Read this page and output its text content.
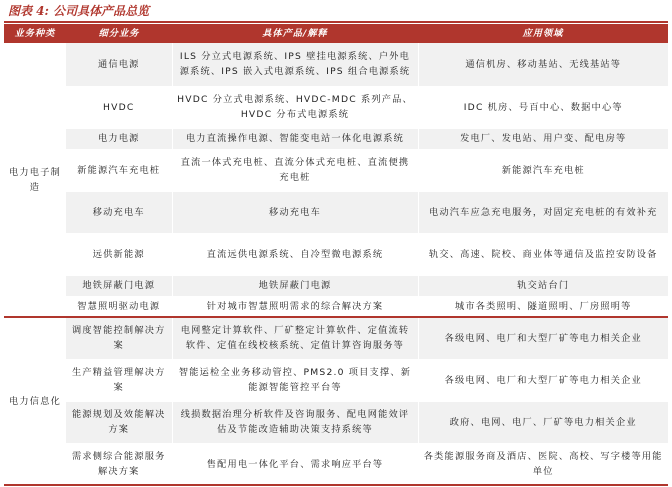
图表 4: 公司具体产品总览
业务种类	细分业务	具体产品/解释	应用领域
电力电子制造	通信电源	ILS 分立式电源系统、IPS 壁挂电源系统、户外电源系统、IPS 嵌入式电源系统、IPS 组合电源系统	通信机房、移动基站、无线基站等
	HVDC	HVDC 分立式电源系统、HVDC-MDC 系列产品、HVDC 分布式电源系统	IDC 机房、号百中心、数据中心等
	电力电源	电力直流操作电源、智能变电站一体化电源系统	发电厂、发电站、用户变、配电房等
	新能源汽车充电桩	直流一体式充电桩、直流分体式充电桩、直流便携充电桩	新能源汽车充电桩
	移动充电车	移动充电车	电动汽车应急充电服务，对固定充电桩的有效补充
	远供新能源	直流远供电源系统、自冷型微电源系统	轨交、高速、院校、商业体等通信及监控安防设备
	地铁屏蔽门电源	地铁屏蔽门电源	轨交站台门
	智慧照明驱动电源	针对城市智慧照明需求的综合解决方案	城市各类照明、隧道照明、厂房照明等
电力信息化	调度智能控制解决方案	电网整定计算软件、厂矿整定计算软件、定值流转软件、定值在线校核系统、定值计算咨询服务等	各级电网、电厂和大型厂矿等电力相关企业
	生产精益管理解决方案	智能运检全业务移动管控、PMS2.0 项目支撑、新能源智能管控平台等	各级电网、电厂和大型厂矿等电力相关企业
	能源规划及效能解决方案	线损数据治理分析软件及咨询服务、配电网能效评估及节能改造辅助决策支持系统等	政府、电网、电厂、厂矿等电力相关企业
	需求侧综合能源服务解决方案	售配用电一体化平台、需求响应平台等	各类能源服务商及酒店、医院、高校、写字楼等用能单位
